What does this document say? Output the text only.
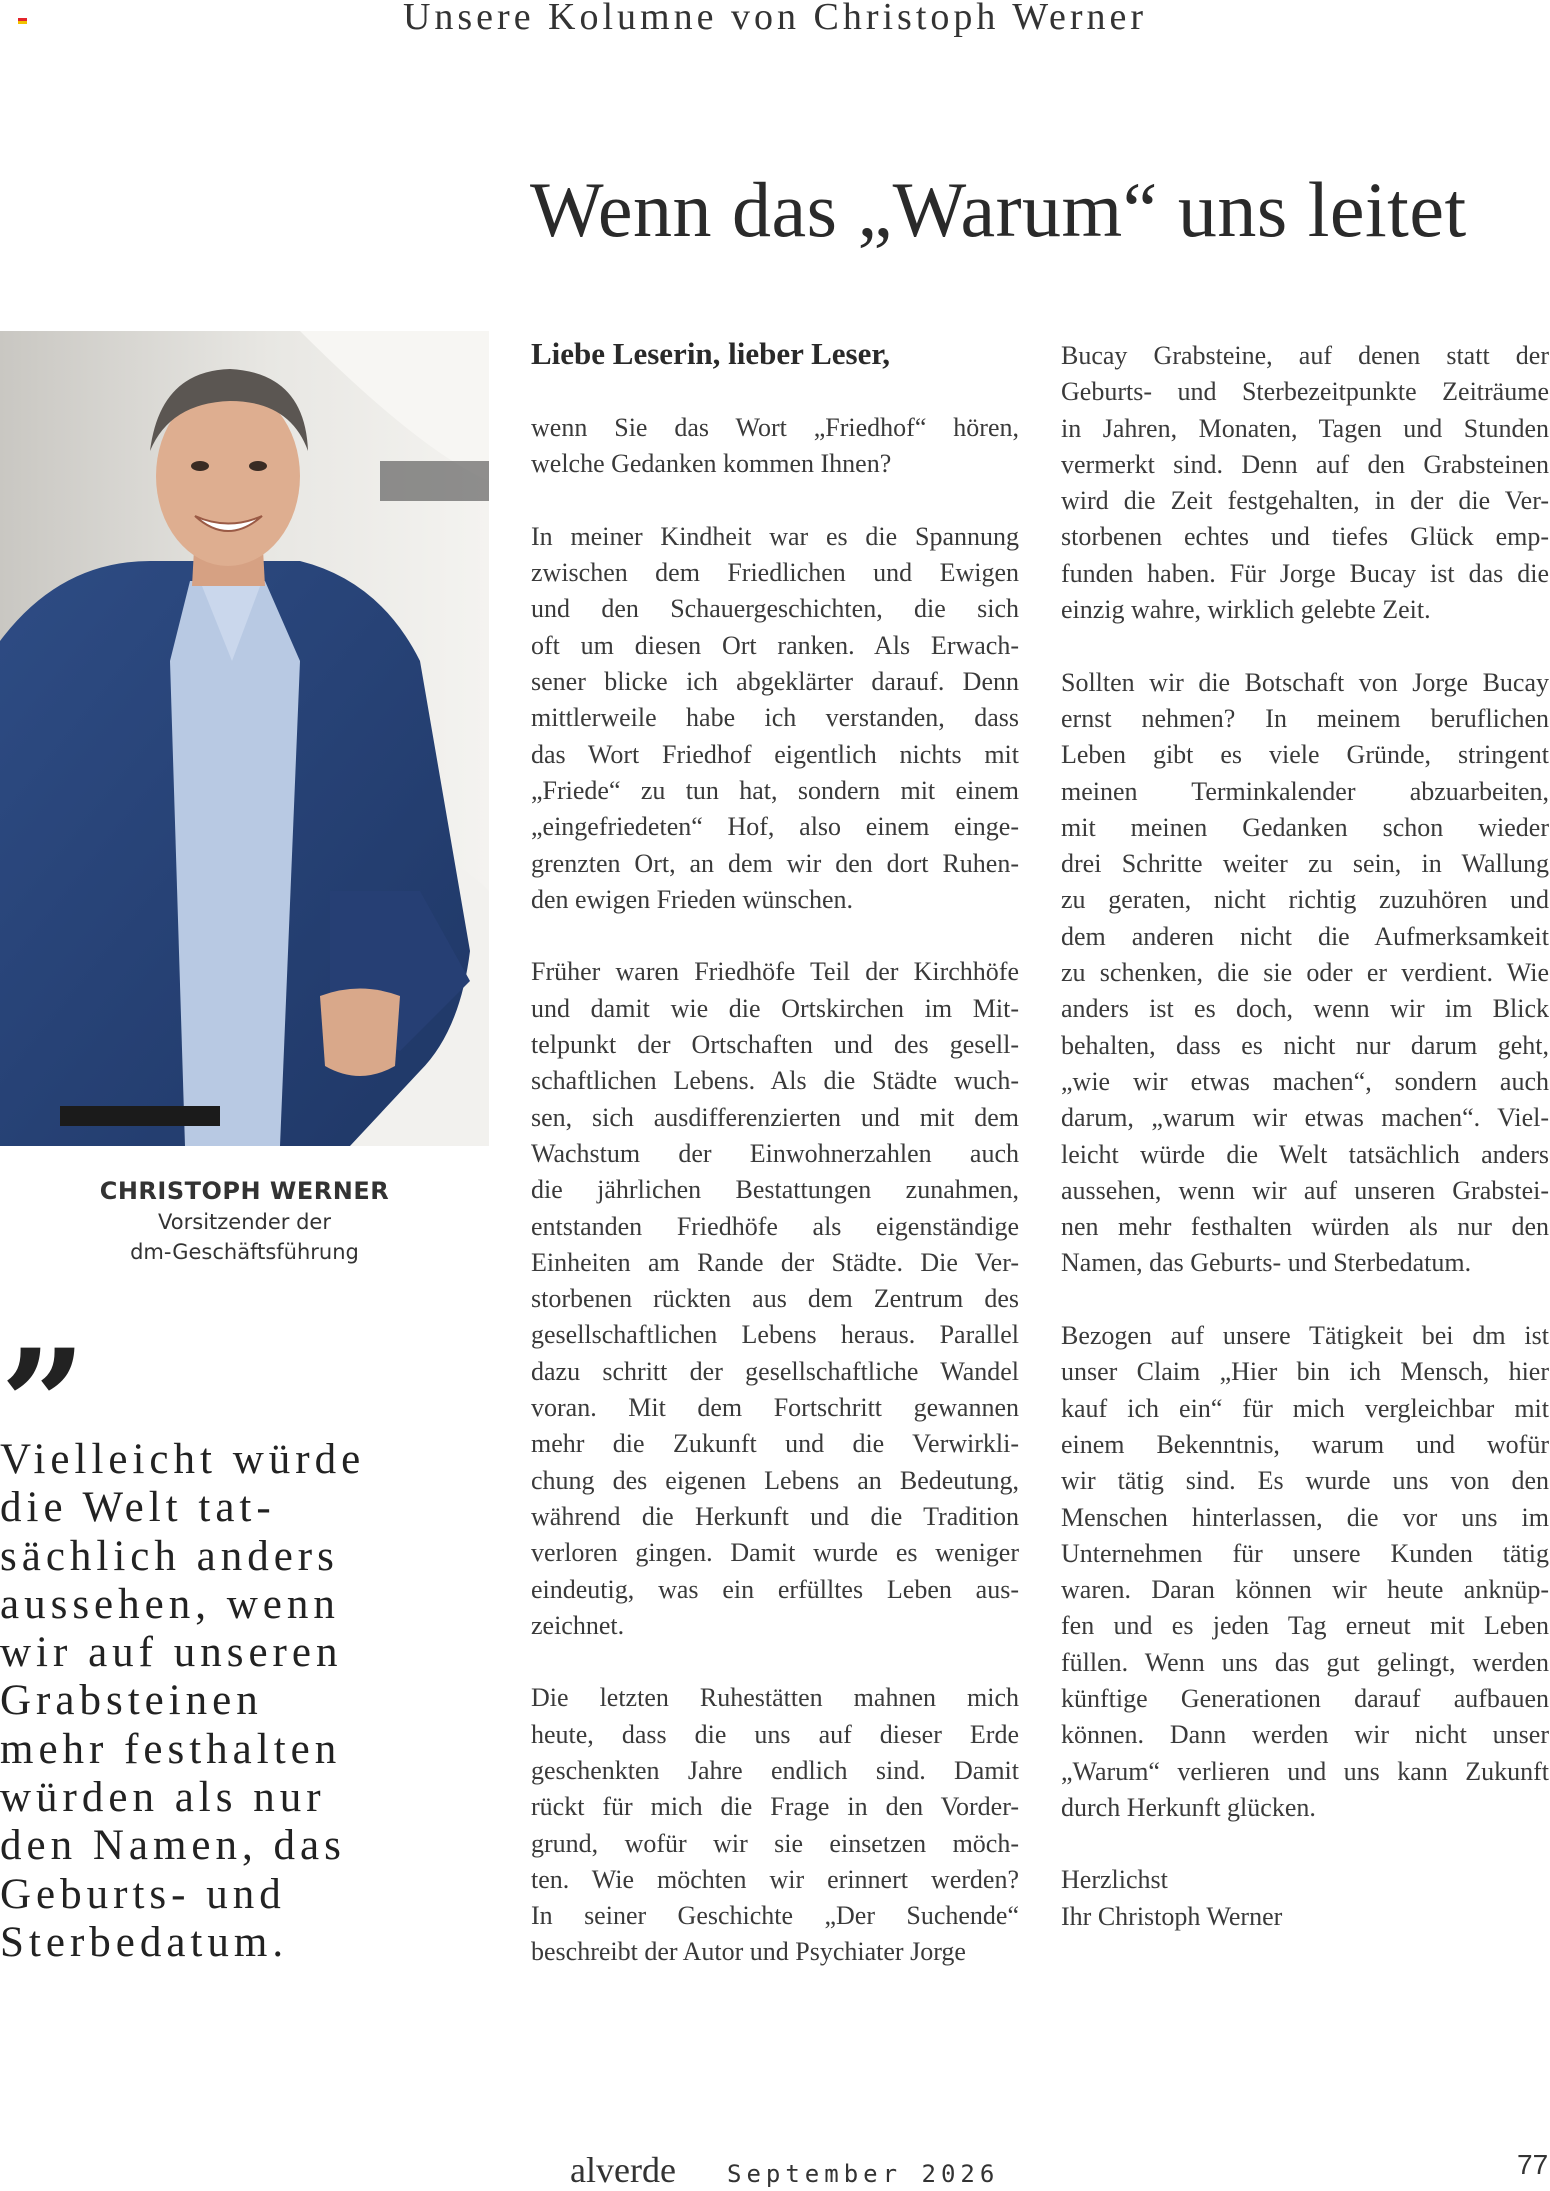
Unsere Kolumne von Christoph Werner
Wenn das „Warum“ uns leitet
CHRISTOPH WERNER
Vorsitzender der
dm-Geschäftsführung
”
Vielleicht würde
die Welt tat-
sächlich anders
aussehen, wenn
wir auf unseren
Grabsteinen
mehr festhalten
würden als nur
den Namen, das
Geburts- und
Sterbedatum.
Liebe Leserin, lieber Leser,
wenn Sie das Wort „Friedhof“ hören,
welche Gedanken kommen Ihnen?
In meiner Kindheit war es die Spannung
zwischen dem Friedlichen und Ewigen
und den Schauergeschichten, die sich
oft um diesen Ort ranken. Als Erwach-
sener blicke ich abgeklärter darauf. Denn
mittlerweile habe ich verstanden, dass
das Wort Friedhof eigentlich nichts mit
„Friede“ zu tun hat, sondern mit einem
„eingefriedeten“ Hof, also einem einge-
grenzten Ort, an dem wir den dort Ruhen-
den ewigen Frieden wünschen.
Früher waren Friedhöfe Teil der Kirchhöfe
und damit wie die Ortskirchen im Mit-
telpunkt der Ortschaften und des gesell-
schaftlichen Lebens. Als die Städte wuch-
sen, sich ausdifferenzierten und mit dem
Wachstum der Einwohnerzahlen auch
die jährlichen Bestattungen zunahmen,
entstanden Friedhöfe als eigenständige
Einheiten am Rande der Städte. Die Ver-
storbenen rückten aus dem Zentrum des
gesellschaftlichen Lebens heraus. Parallel
dazu schritt der gesellschaftliche Wandel
voran. Mit dem Fortschritt gewannen
mehr die Zukunft und die Verwirkli-
chung des eigenen Lebens an Bedeutung,
während die Herkunft und die Tradition
verloren gingen. Damit wurde es weniger
eindeutig, was ein erfülltes Leben aus-
zeichnet.
Die letzten Ruhestätten mahnen mich
heute, dass die uns auf dieser Erde
geschenkten Jahre endlich sind. Damit
rückt für mich die Frage in den Vorder-
grund, wofür wir sie einsetzen möch-
ten. Wie möchten wir erinnert werden?
In seiner Geschichte „Der Suchende“
beschreibt der Autor und Psychiater Jorge
Bucay Grabsteine, auf denen statt der
Geburts- und Sterbezeitpunkte Zeiträume
in Jahren, Monaten, Tagen und Stunden
vermerkt sind. Denn auf den Grabsteinen
wird die Zeit festgehalten, in der die Ver-
storbenen echtes und tiefes Glück emp-
funden haben. Für Jorge Bucay ist das die
einzig wahre, wirklich gelebte Zeit.
Sollten wir die Botschaft von Jorge Bucay
ernst nehmen? In meinem beruflichen
Leben gibt es viele Gründe, stringent
meinen Terminkalender abzuarbeiten,
mit meinen Gedanken schon wieder
drei Schritte weiter zu sein, in Wallung
zu geraten, nicht richtig zuzuhören und
dem anderen nicht die Aufmerksamkeit
zu schenken, die sie oder er verdient. Wie
anders ist es doch, wenn wir im Blick
behalten, dass es nicht nur darum geht,
„wie wir etwas machen“, sondern auch
darum, „warum wir etwas machen“. Viel-
leicht würde die Welt tatsächlich anders
aussehen, wenn wir auf unseren Grabstei-
nen mehr festhalten würden als nur den
Namen, das Geburts- und Sterbedatum.
Bezogen auf unsere Tätigkeit bei dm ist
unser Claim „Hier bin ich Mensch, hier
kauf ich ein“ für mich vergleichbar mit
einem Bekenntnis, warum und wofür
wir tätig sind. Es wurde uns von den
Menschen hinterlassen, die vor uns im
Unternehmen für unsere Kunden tätig
waren. Daran können wir heute anknüp-
fen und es jeden Tag erneut mit Leben
füllen. Wenn uns das gut gelingt, werden
künftige Generationen darauf aufbauen
können. Dann werden wir nicht unser
„Warum“ verlieren und uns kann Zukunft
durch Herkunft glücken.
Herzlichst
Ihr Christoph Werner
alverde September 2026	77
